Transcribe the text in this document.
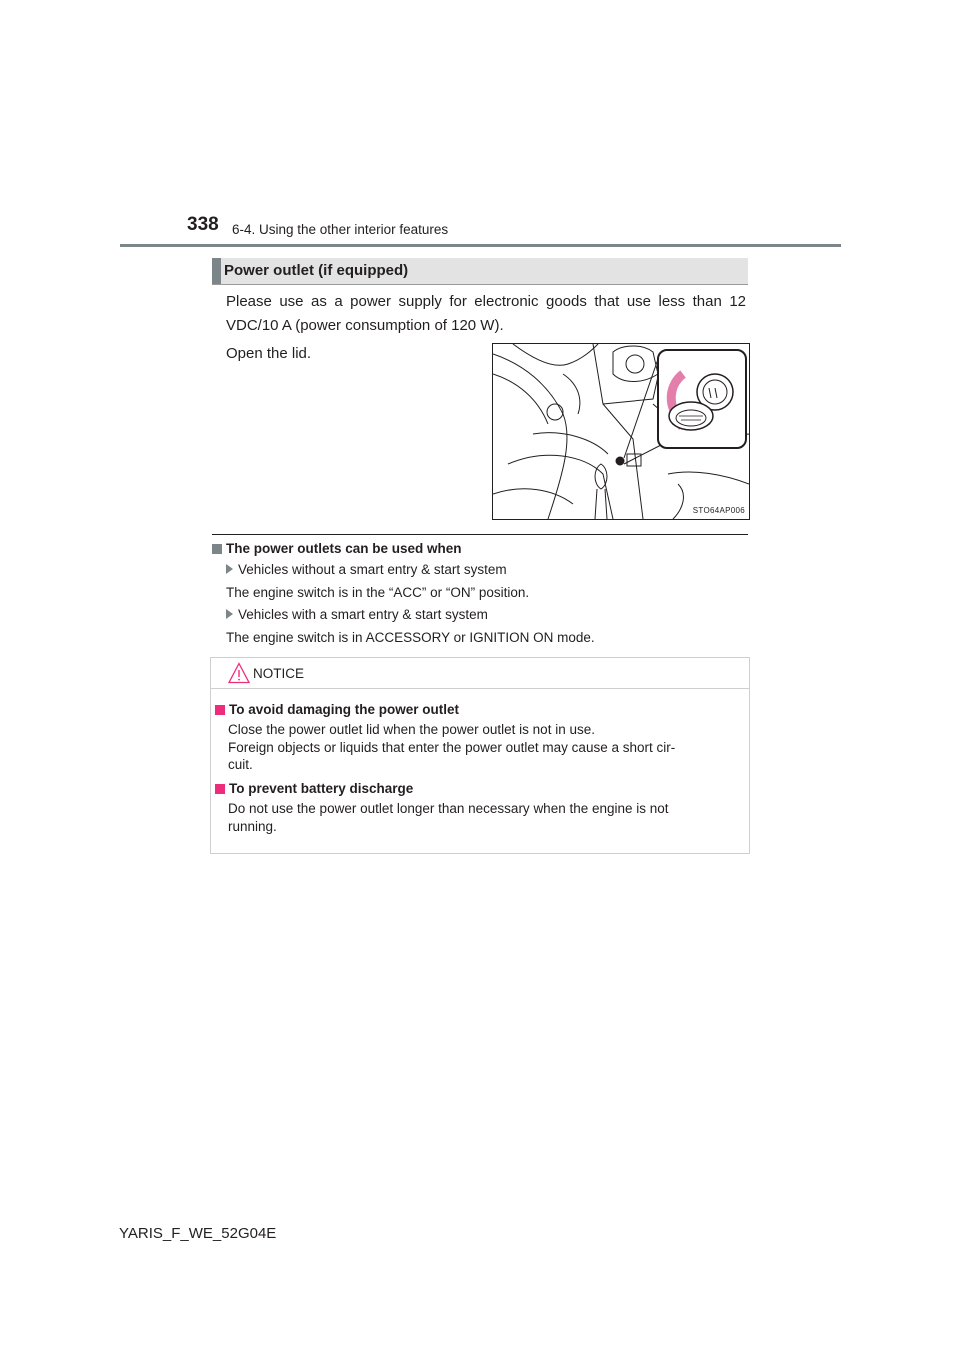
338 6-4. Using the other interior features
Power outlet (if equipped)
Please use as a power supply for electronic goods that use less than 12 VDC/10 A (power consumption of 120 W).
Open the lid.
STO64AP006
The power outlets can be used when
Vehicles without a smart entry & start system
The engine switch is in the “ACC” or “ON” position.
Vehicles with a smart entry & start system
The engine switch is in ACCESSORY or IGNITION ON mode.
NOTICE
To avoid damaging the power outlet
To prevent battery discharge
Close the power outlet lid when the power outlet is not in use.
Foreign objects or liquids that enter the power outlet may cause a short cir-
cuit.
Do not use the power outlet longer than necessary when the engine is not
running.
YARIS_F_WE_52G04E
